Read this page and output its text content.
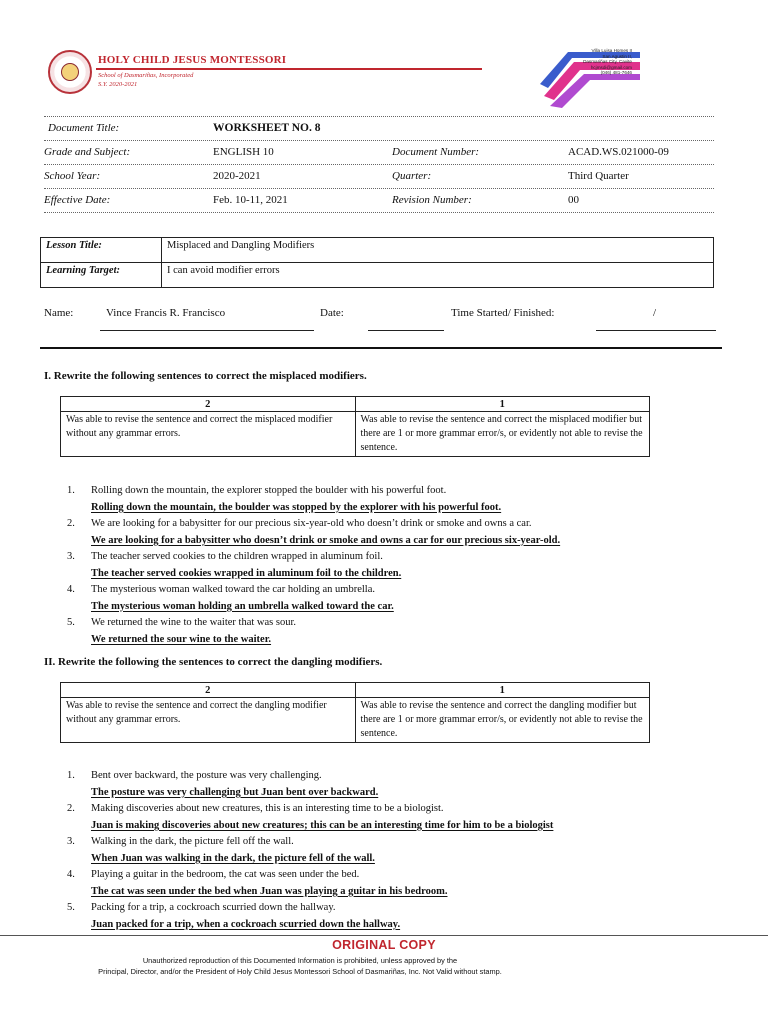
HOLY CHILD JESUS MONTESSORI
School of Dasmariñas, Incorporated
S.Y. 2020-2021
Villa Luisa Homes II
San Agustin II,
Dasmariñas City, Cavite
hcjmsdi@gmail.com
(046) 481-7646
Document Title:	WORKSHEET NO. 8
Grade and Subject:	ENGLISH 10	Document Number:	ACAD.WS.021000-09
School Year:	2020-2021	Quarter:	Third Quarter
Effective Date:	Feb. 10-11, 2021	Revision Number:	00
Lesson Title:	Misplaced and Dangling Modifiers
Learning Target:	I can avoid modifier errors
Name:	Vince Francis R. Francisco	Date:	Time Started/ Finished:	/
I. Rewrite the following sentences to correct the misplaced modifiers.
2	1
Was able to revise the sentence and correct the misplaced modifier without any grammar errors.	Was able to revise the sentence and correct the misplaced modifier but there are 1 or more grammar error/s, or evidently not able to revise the sentence.
1. Rolling down the mountain, the explorer stopped the boulder with his powerful foot.
Rolling down the mountain, the boulder was stopped by the explorer with his powerful foot.
2. We are looking for a babysitter for our precious six-year-old who doesn’t drink or smoke and owns a car.
We are looking for a babysitter who doesn’t drink or smoke and owns a car for our precious six-year-old.
3. The teacher served cookies to the children wrapped in aluminum foil.
The teacher served cookies wrapped in aluminum foil to the children.
4. The mysterious woman walked toward the car holding an umbrella.
The mysterious woman holding an umbrella walked toward the car.
5. We returned the wine to the waiter that was sour.
We returned the sour wine to the waiter.
II. Rewrite the following the sentences to correct the dangling modifiers.
2	1
Was able to revise the sentence and correct the dangling modifier without any grammar errors.	Was able to revise the sentence and correct the dangling modifier but there are 1 or more grammar error/s, or evidently not able to revise the sentence.
1. Bent over backward, the posture was very challenging.
The posture was very challenging but Juan bent over backward.
2. Making discoveries about new creatures, this is an interesting time to be a biologist.
Juan is making discoveries about new creatures; this can be an interesting time for him to be a biologist
3. Walking in the dark, the picture fell off the wall.
When Juan was walking in the dark, the picture fell of the wall.
4. Playing a guitar in the bedroom, the cat was seen under the bed.
The cat was seen under the bed when Juan was playing a guitar in his bedroom.
5. Packing for a trip, a cockroach scurried down the hallway.
Juan packed for a trip, when a cockroach scurried down the hallway.
ORIGINAL COPY
Unauthorized reproduction of this Documented Information is prohibited, unless approved by the
Principal, Director, and/or the President of Holy Child Jesus Montessori School of Dasmariñas, Inc. Not Valid without stamp.
